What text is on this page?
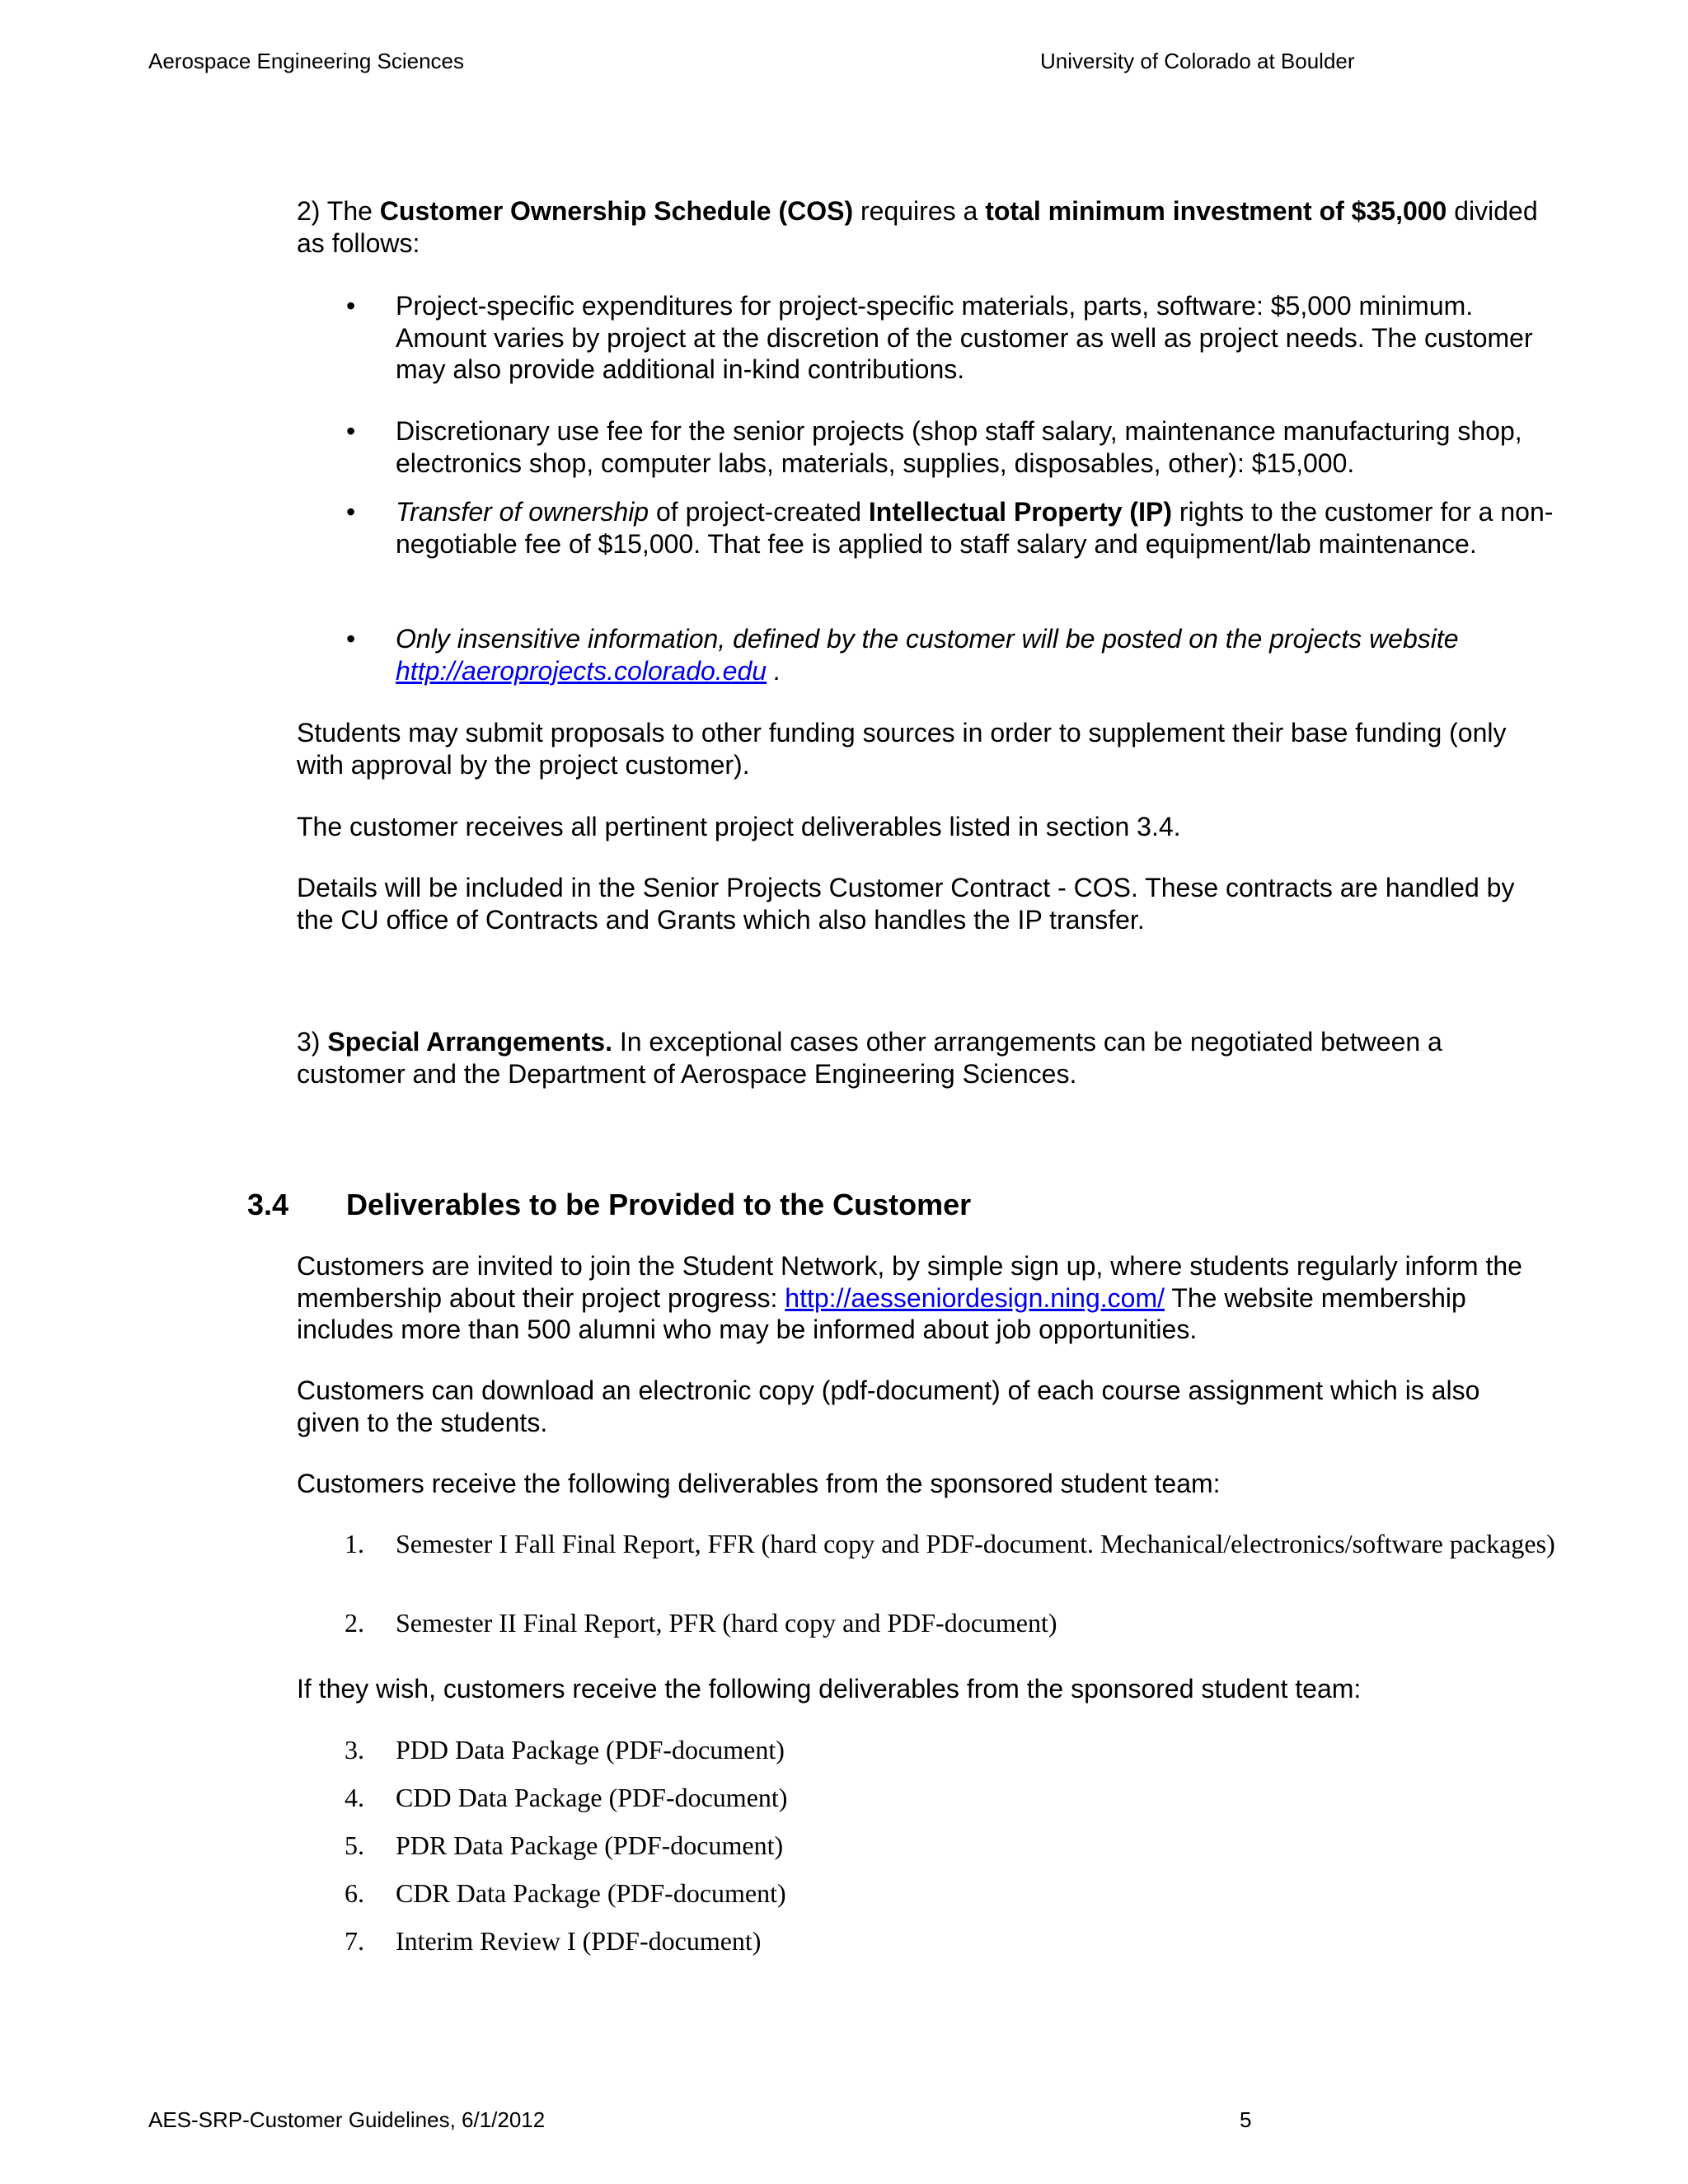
Aerospace Engineering Sciences	University of Colorado at Boulder

2) The Customer Ownership Schedule (COS) requires a total minimum investment of $35,000 divided as follows:

• Project-specific expenditures for project-specific materials, parts, software: $5,000 minimum. Amount varies by project at the discretion of the customer as well as project needs. The customer may also provide additional in-kind contributions.

• Discretionary use fee for the senior projects (shop staff salary, maintenance manufacturing shop, electronics shop, computer labs, materials, supplies, disposables, other): $15,000.

• Transfer of ownership of project-created Intellectual Property (IP) rights to the customer for a non-negotiable fee of $15,000. That fee is applied to staff salary and equipment/lab maintenance.

• Only insensitive information, defined by the customer will be posted on the projects website http://aeroprojects.colorado.edu .

Students may submit proposals to other funding sources in order to supplement their base funding (only with approval by the project customer).

The customer receives all pertinent project deliverables listed in section 3.4.

Details will be included in the Senior Projects Customer Contract - COS. These contracts are handled by the CU office of Contracts and Grants which also handles the IP transfer.

3) Special Arrangements. In exceptional cases other arrangements can be negotiated between a customer and the Department of Aerospace Engineering Sciences.

3.4 Deliverables to be Provided to the Customer

Customers are invited to join the Student Network, by simple sign up, where students regularly inform the membership about their project progress: http://aesseniordesign.ning.com/ The website membership includes more than 500 alumni who may be informed about job opportunities.

Customers can download an electronic copy (pdf-document) of each course assignment which is also given to the students.

Customers receive the following deliverables from the sponsored student team:

1. Semester I Fall Final Report, FFR (hard copy and PDF-document. Mechanical/electronics/software packages)

2. Semester II Final Report, PFR (hard copy and PDF-document)

If they wish, customers receive the following deliverables from the sponsored student team:

3. PDD Data Package (PDF-document)

4. CDD Data Package (PDF-document)

5. PDR Data Package (PDF-document)

6. CDR Data Package (PDF-document)

7. Interim Review I (PDF-document)

AES-SRP-Customer Guidelines, 6/1/2012	5
